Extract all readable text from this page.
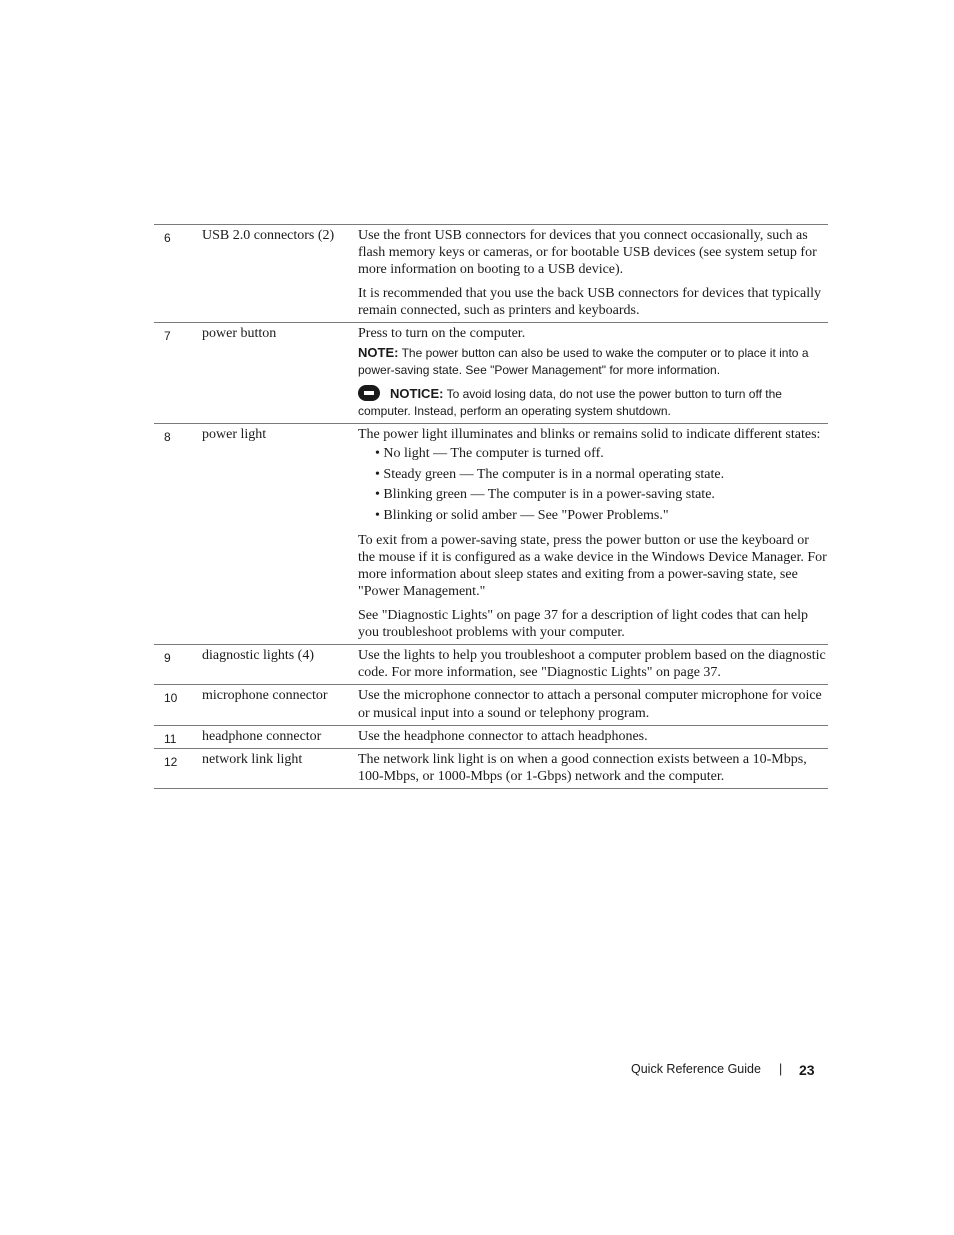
6	USB 2.0 connectors (2)	Use the front USB connectors for devices that you connect occasionally, such as flash memory keys or cameras, or for bootable USB devices (see system setup for more information on booting to a USB device).

It is recommended that you use the back USB connectors for devices that typically remain connected, such as printers and keyboards.

7	power button	Press to turn on the computer.

NOTE: The power button can also be used to wake the computer or to place it into a power-saving state. See "Power Management" for more information.
NOTICE: To avoid losing data, do not use the power button to turn off the computer. Instead, perform an operating system shutdown.
8	power light	The power light illuminates and blinks or remains solid to indicate different states:

• No light — The computer is turned off.
• Steady green — The computer is in a normal operating state.
• Blinking green — The computer is in a power-saving state.
• Blinking or solid amber — See "Power Problems."

To exit from a power-saving state, press the power button or use the keyboard or the mouse if it is configured as a wake device in the Windows Device Manager. For more information about sleep states and exiting from a power-saving state, see "Power Management."

See "Diagnostic Lights" on page 37 for a description of light codes that can help you troubleshoot problems with your computer.

9	diagnostic lights (4)	Use the lights to help you troubleshoot a computer problem based on the diagnostic code. For more information, see "Diagnostic Lights" on page 37.

10	microphone connector	Use the microphone connector to attach a personal computer microphone for voice or musical input into a sound or telephony program.

11	headphone connector	Use the headphone connector to attach headphones.

12	network link light	The network link light is on when a good connection exists between a 10-Mbps, 100-Mbps, or 1000-Mbps (or 1-Gbps) network and the computer.

Quick Reference Guide | 23
